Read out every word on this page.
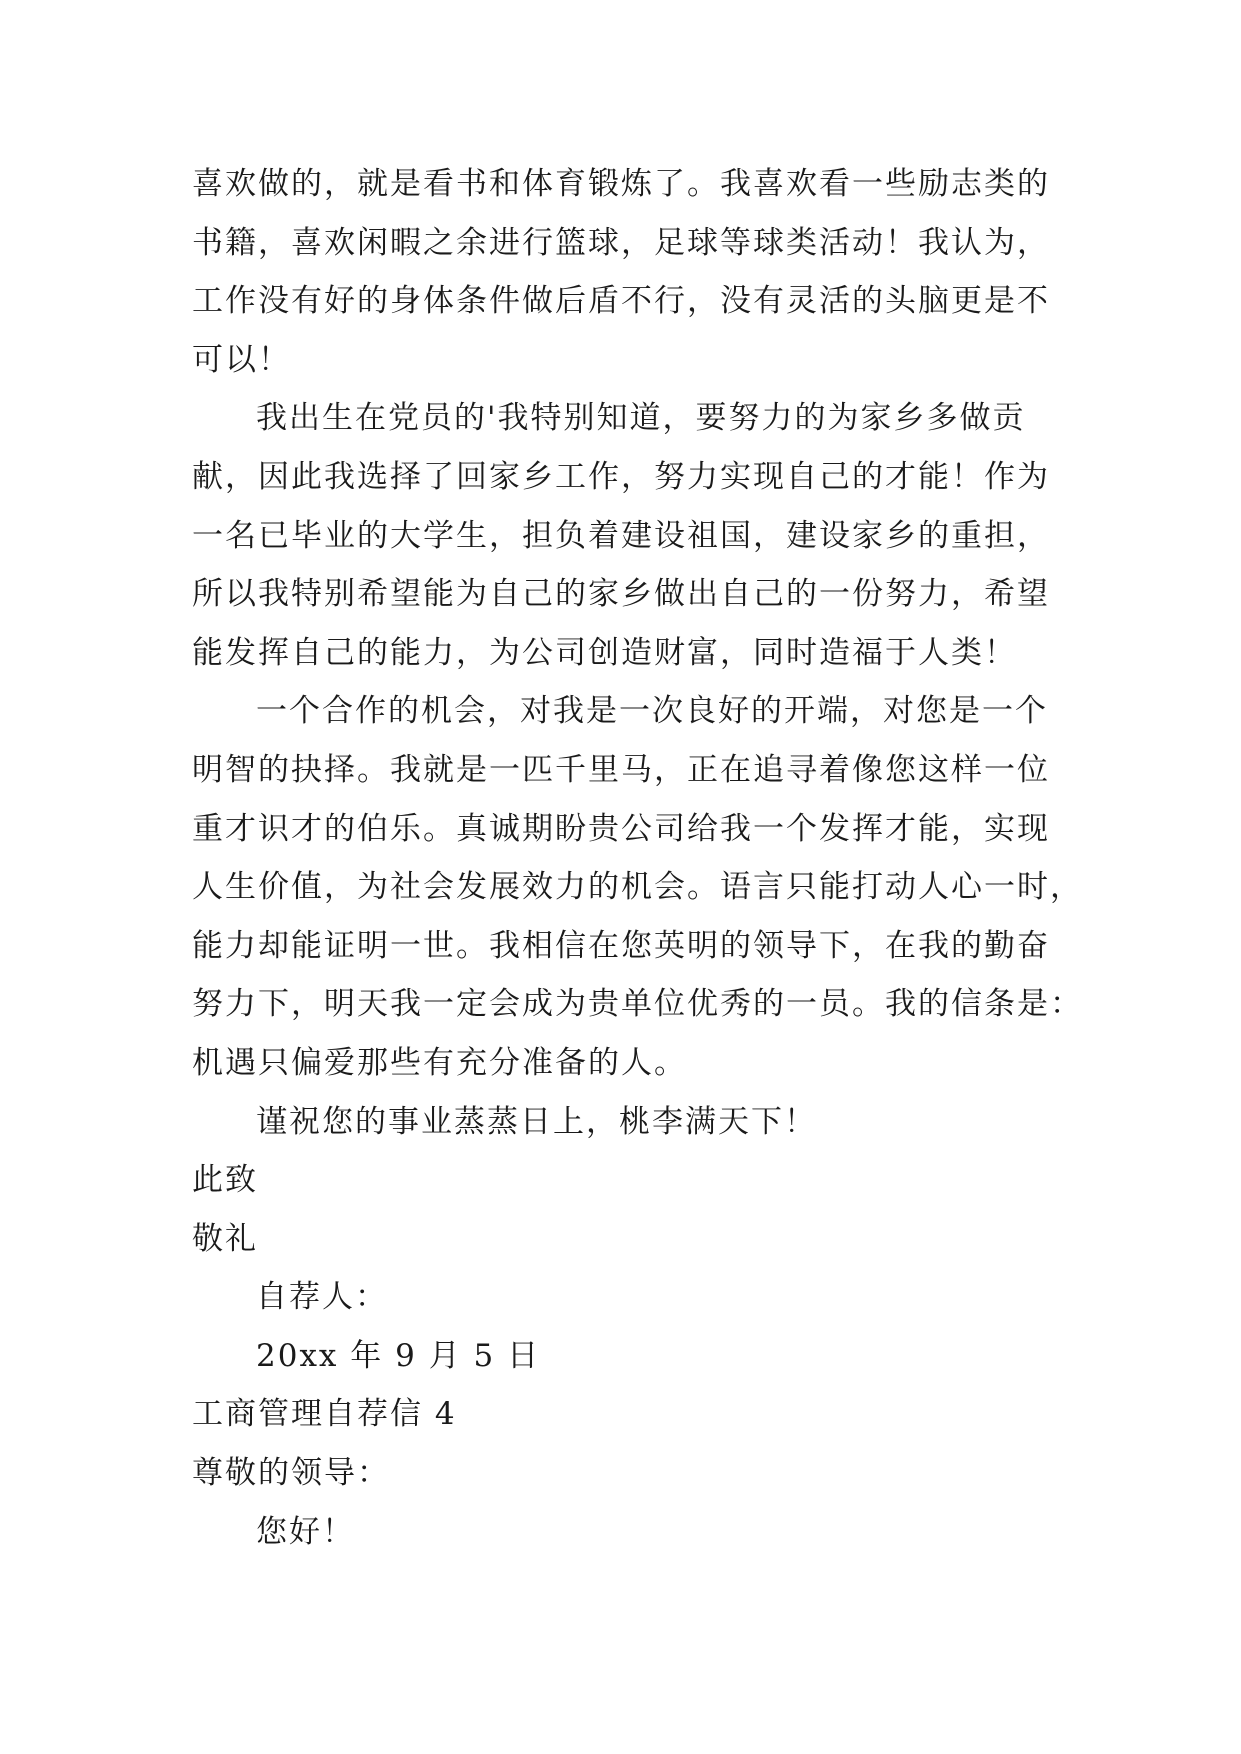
喜欢做的，就是看书和体育锻炼了。我喜欢看一些励志类的
书籍，喜欢闲暇之余进行篮球，足球等球类活动！我认为，
工作没有好的身体条件做后盾不行，没有灵活的头脑更是不
可以！
我出生在党员的'我特别知道，要努力的为家乡多做贡
献，因此我选择了回家乡工作，努力实现自己的才能！作为
一名已毕业的大学生，担负着建设祖国，建设家乡的重担，
所以我特别希望能为自己的家乡做出自己的一份努力，希望
能发挥自己的能力，为公司创造财富，同时造福于人类！
一个合作的机会，对我是一次良好的开端，对您是一个
明智的抉择。我就是一匹千里马，正在追寻着像您这样一位
重才识才的伯乐。真诚期盼贵公司给我一个发挥才能，实现
人生价值，为社会发展效力的机会。语言只能打动人心一时，
能力却能证明一世。我相信在您英明的领导下，在我的勤奋
努力下，明天我一定会成为贵单位优秀的一员。我的信条是：
机遇只偏爱那些有充分准备的人。
谨祝您的事业蒸蒸日上，桃李满天下！
此致
敬礼
自荐人：
20xx 年 9 月 5 日
工商管理自荐信 4
尊敬的领导：
您好！
